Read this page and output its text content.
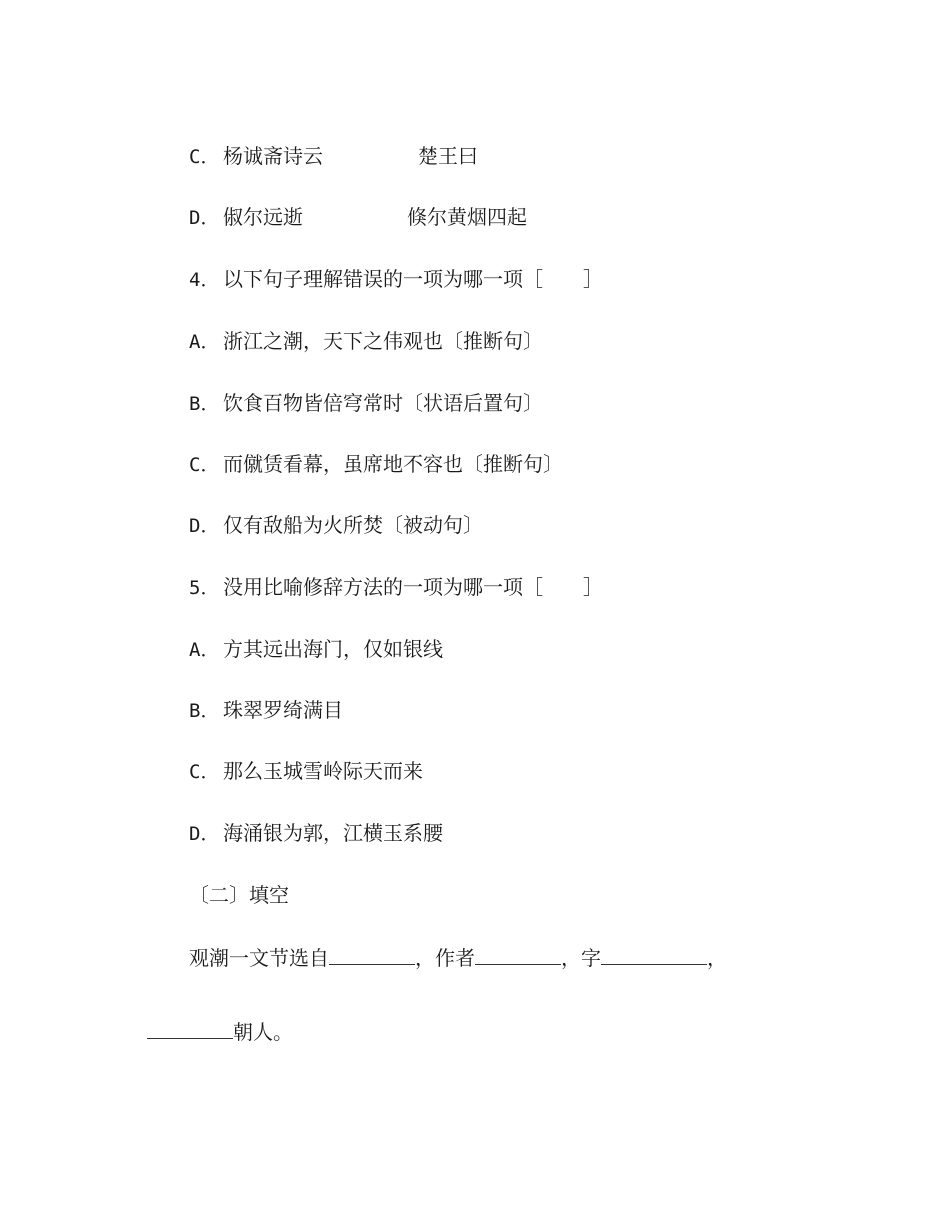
C． 杨诚斋诗云	楚王曰
D． 俶尔远逝	倏尔黄烟四起
4． 以下句子理解错误的一项为哪一项［　　］
A． 浙江之潮，天下之伟观也〔推断句〕
B． 饮食百物皆倍穹常时〔状语后置句〕
C． 而僦赁看幕，虽席地不容也〔推断句〕
D． 仅有敌船为火所焚〔被动句〕
5． 没用比喻修辞方法的一项为哪一项［　　］
A． 方其远出海门，仅如银线
B． 珠翠罗绮满目
C． 那么玉城雪岭际天而来
D． 海涌银为郭，江横玉系腰
〔二〕填空
观潮一文节选自	，作者	，字	，
朝人。
